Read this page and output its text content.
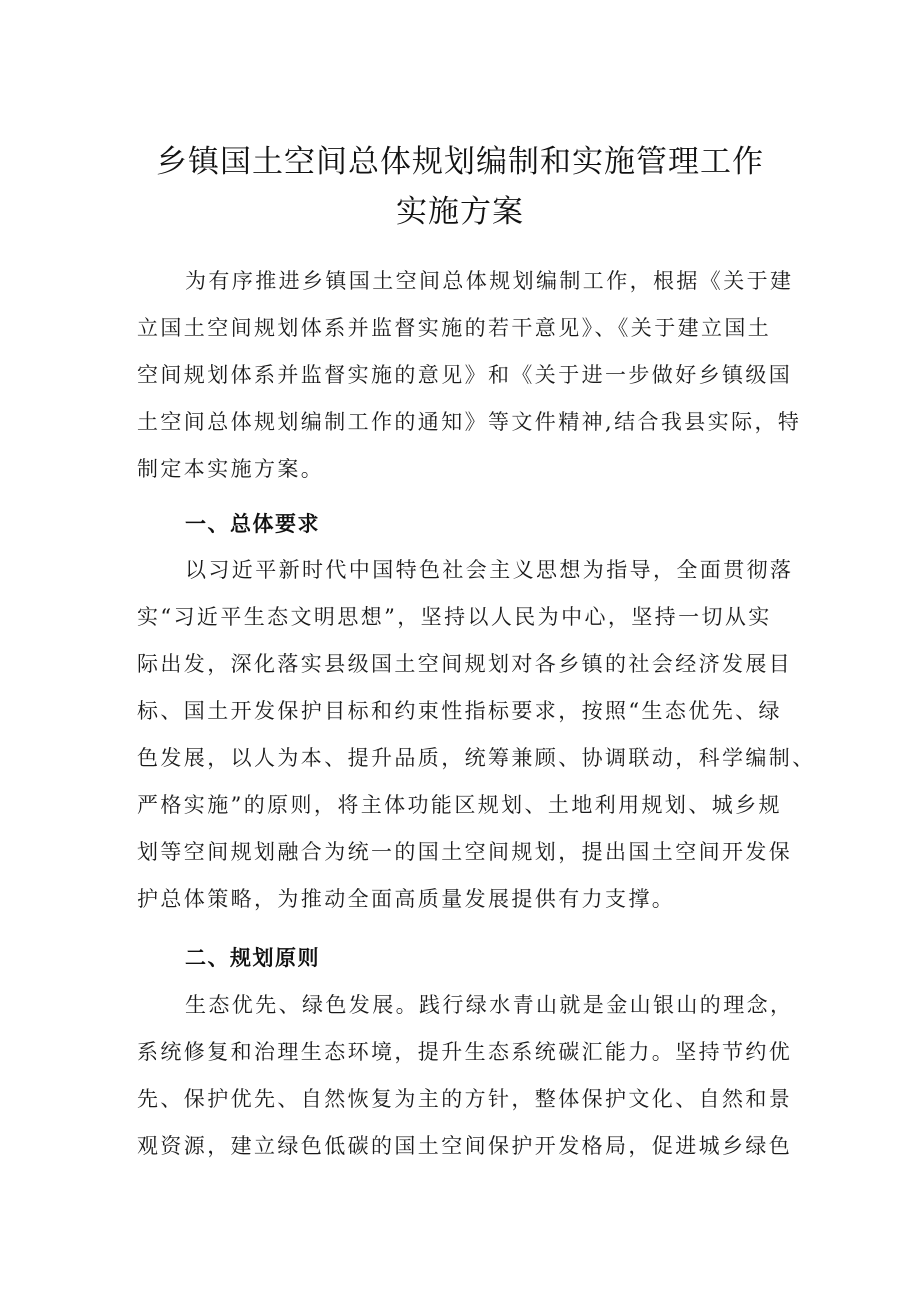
乡镇国土空间总体规划编制和实施管理工作
实施方案
为有序推进乡镇国土空间总体规划编制工作，根据《关于建
立国土空间规划体系并监督实施的若干意见》、《关于建立国土
空间规划体系并监督实施的意见》和《关于进一步做好乡镇级国
土空间总体规划编制工作的通知》等文件精神,结合我县实际，特
制定本实施方案。
一、总体要求
以习近平新时代中国特色社会主义思想为指导，全面贯彻落
实“习近平生态文明思想”，坚持以人民为中心，坚持一切从实
际出发，深化落实县级国土空间规划对各乡镇的社会经济发展目
标、国土开发保护目标和约束性指标要求，按照“生态优先、绿
色发展，以人为本、提升品质，统筹兼顾、协调联动，科学编制、
严格实施”的原则，将主体功能区规划、土地利用规划、城乡规
划等空间规划融合为统一的国土空间规划，提出国土空间开发保
护总体策略，为推动全面高质量发展提供有力支撑。
二、规划原则
生态优先、绿色发展。践行绿水青山就是金山银山的理念，
系统修复和治理生态环境，提升生态系统碳汇能力。坚持节约优
先、保护优先、自然恢复为主的方针，整体保护文化、自然和景
观资源，建立绿色低碳的国土空间保护开发格局，促进城乡绿色
